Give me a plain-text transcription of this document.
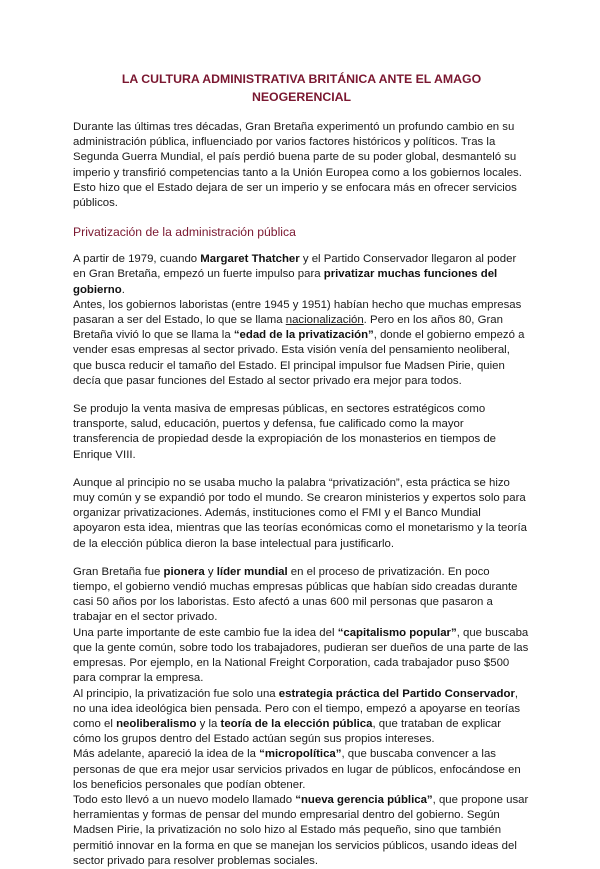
LA CULTURA ADMINISTRATIVA BRITÁNICA ANTE EL AMAGO
NEOGERENCIAL

Durante las últimas tres décadas, Gran Bretaña experimentó un profundo cambio en su administración pública, influenciado por varios factores históricos y políticos. Tras la Segunda Guerra Mundial, el país perdió buena parte de su poder global, desmanteló su imperio y transfirió competencias tanto a la Unión Europea como a los gobiernos locales. Esto hizo que el Estado dejara de ser un imperio y se enfocara más en ofrecer servicios públicos.

Privatización de la administración pública

A partir de 1979, cuando Margaret Thatcher y el Partido Conservador llegaron al poder en Gran Bretaña, empezó un fuerte impulso para privatizar muchas funciones del gobierno.

Antes, los gobiernos laboristas (entre 1945 y 1951) habían hecho que muchas empresas pasaran a ser del Estado, lo que se llama nacionalización. Pero en los años 80, Gran Bretaña vivió lo que se llama la “edad de la privatización”, donde el gobierno empezó a vender esas empresas al sector privado. Esta visión venía del pensamiento neoliberal, que busca reducir el tamaño del Estado. El principal impulsor fue Madsen Pirie, quien decía que pasar funciones del Estado al sector privado era mejor para todos.

Se produjo la venta masiva de empresas públicas, en sectores estratégicos como transporte, salud, educación, puertos y defensa, fue calificado como la mayor transferencia de propiedad desde la expropiación de los monasterios en tiempos de Enrique VIII.

Aunque al principio no se usaba mucho la palabra “privatización”, esta práctica se hizo muy común y se expandió por todo el mundo. Se crearon ministerios y expertos solo para organizar privatizaciones. Además, instituciones como el FMI y el Banco Mundial apoyaron esta idea, mientras que las teorías económicas como el monetarismo y la teoría de la elección pública dieron la base intelectual para justificarlo.

Gran Bretaña fue pionera y líder mundial en el proceso de privatización. En poco tiempo, el gobierno vendió muchas empresas públicas que habían sido creadas durante casi 50 años por los laboristas. Esto afectó a unas 600 mil personas que pasaron a trabajar en el sector privado.

Una parte importante de este cambio fue la idea del “capitalismo popular”, que buscaba que la gente común, sobre todo los trabajadores, pudieran ser dueños de una parte de las empresas. Por ejemplo, en la National Freight Corporation, cada trabajador puso $500 para comprar la empresa.

Al principio, la privatización fue solo una estrategia práctica del Partido Conservador, no una idea ideológica bien pensada. Pero con el tiempo, empezó a apoyarse en teorías como el neoliberalismo y la teoría de la elección pública, que trataban de explicar cómo los grupos dentro del Estado actúan según sus propios intereses.

Más adelante, apareció la idea de la “micropolítica”, que buscaba convencer a las personas de que era mejor usar servicios privados en lugar de públicos, enfocándose en los beneficios personales que podían obtener.

Todo esto llevó a un nuevo modelo llamado “nueva gerencia pública”, que propone usar herramientas y formas de pensar del mundo empresarial dentro del gobierno. Según Madsen Pirie, la privatización no solo hizo al Estado más pequeño, sino que también permitió innovar en la forma en que se manejan los servicios públicos, usando ideas del sector privado para resolver problemas sociales.
